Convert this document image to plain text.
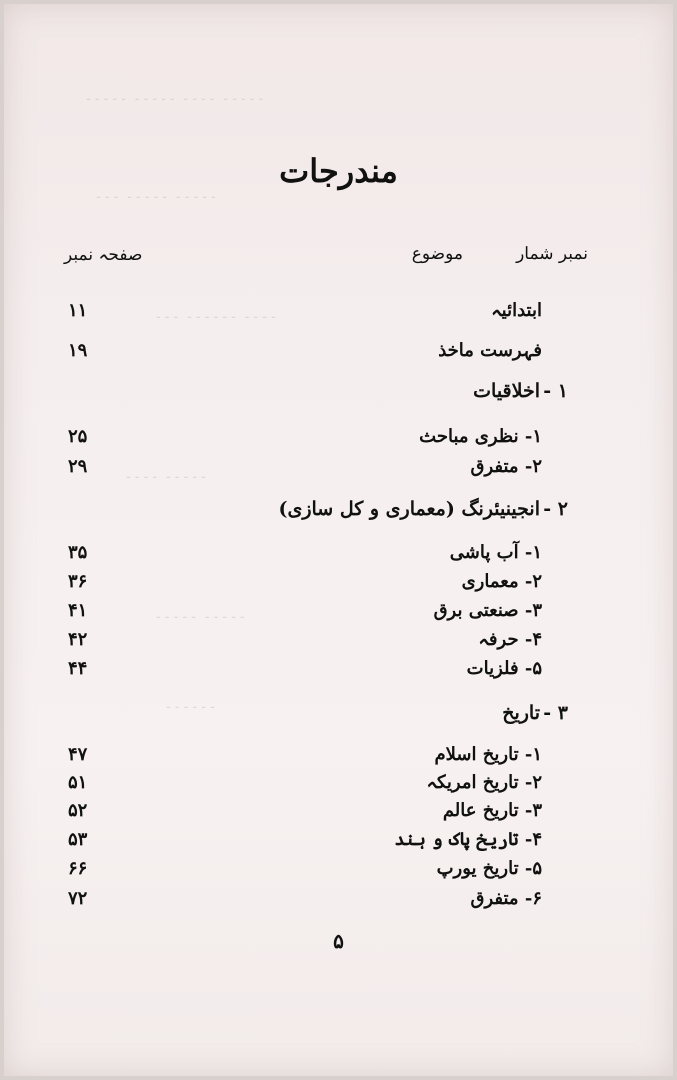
۔۔۔۔۔ ۔۔۔۔ ۔۔۔۔۔ ۔۔۔۔۔
۔۔۔۔۔ ۔۔۔۔۔ ۔۔۔
۔۔۔۔ ۔۔۔۔۔۔ ۔۔۔
۔۔۔۔۔ ۔۔۔۔
۔۔۔۔۔ ۔۔۔۔۔
۔۔۔۔۔۔
مندرجات
نمبر شمار
موضوع
صفحہ نمبر
ابتدائیہ
۱۱
فہرست ماخذ
۱۹
اخلاقیات ۱ -
۱- نظری مباحث
۲۵
۲- متفرق
۲۹
انجینیئرنگ (معماری و کل سازی) ۲ -
۱- آب پاشی
۳۵
۲- معماری
۳۶
۳- صنعتی برق
۴۱
۴- حرفہ
۴۲
۵- فلزیات
۴۴
تاریخ ۳ -
۱- تاریخ اسلام
۴۷
۲- تاریخ امریکہ
۵۱
۳- تاریخ عالم
۵۲
۴- تاریخ پاک و ہند
۵۳
۵- تاریخ یورپ
۶۶
۶- متفرق
۷۲
۵
